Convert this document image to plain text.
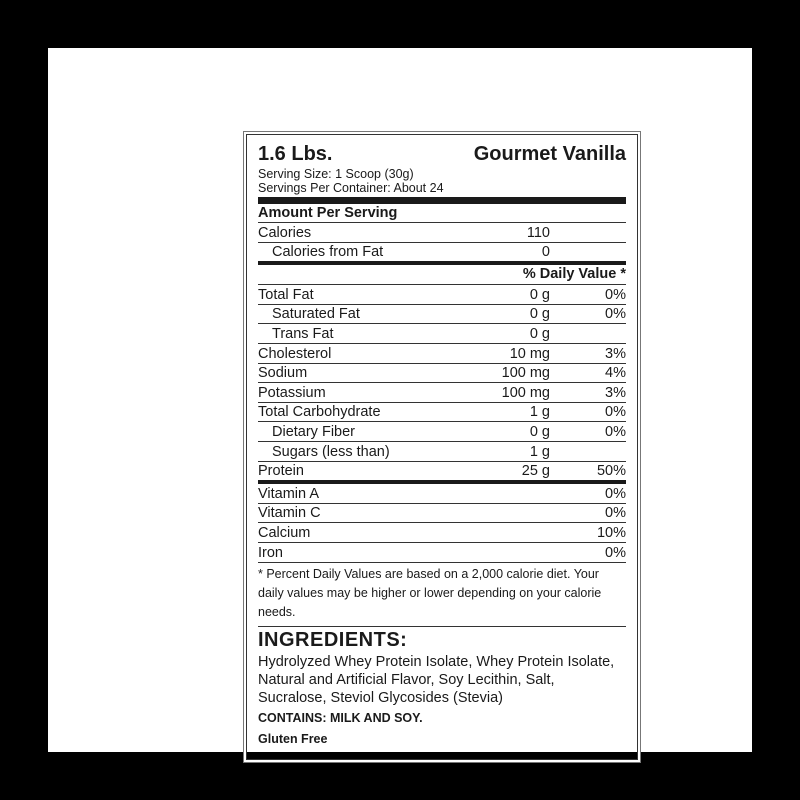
1.6 Lbs.	Gourmet Vanilla
Serving Size: 1 Scoop (30g)
Servings Per Container: About 24
Amount Per Serving
Calories	110
Calories from Fat	0
% Daily Value *
Total Fat	0 g	0%
Saturated Fat	0 g	0%
Trans Fat	0 g
Cholesterol	10 mg	3%
Sodium	100 mg	4%
Potassium	100 mg	3%
Total Carbohydrate	1 g	0%
Dietary Fiber	0 g	0%
Sugars (less than)	1 g
Protein	25 g	50%
Vitamin A	0%
Vitamin C	0%
Calcium	10%
Iron	0%
* Percent Daily Values are based on a 2,000 calorie diet. Your daily values may be higher or lower depending on your calorie needs.
INGREDIENTS:
Hydrolyzed Whey Protein Isolate, Whey Protein Isolate, Natural and Artificial Flavor, Soy Lecithin, Salt, Sucralose, Steviol Glycosides (Stevia)
CONTAINS: MILK AND SOY.
Gluten Free
